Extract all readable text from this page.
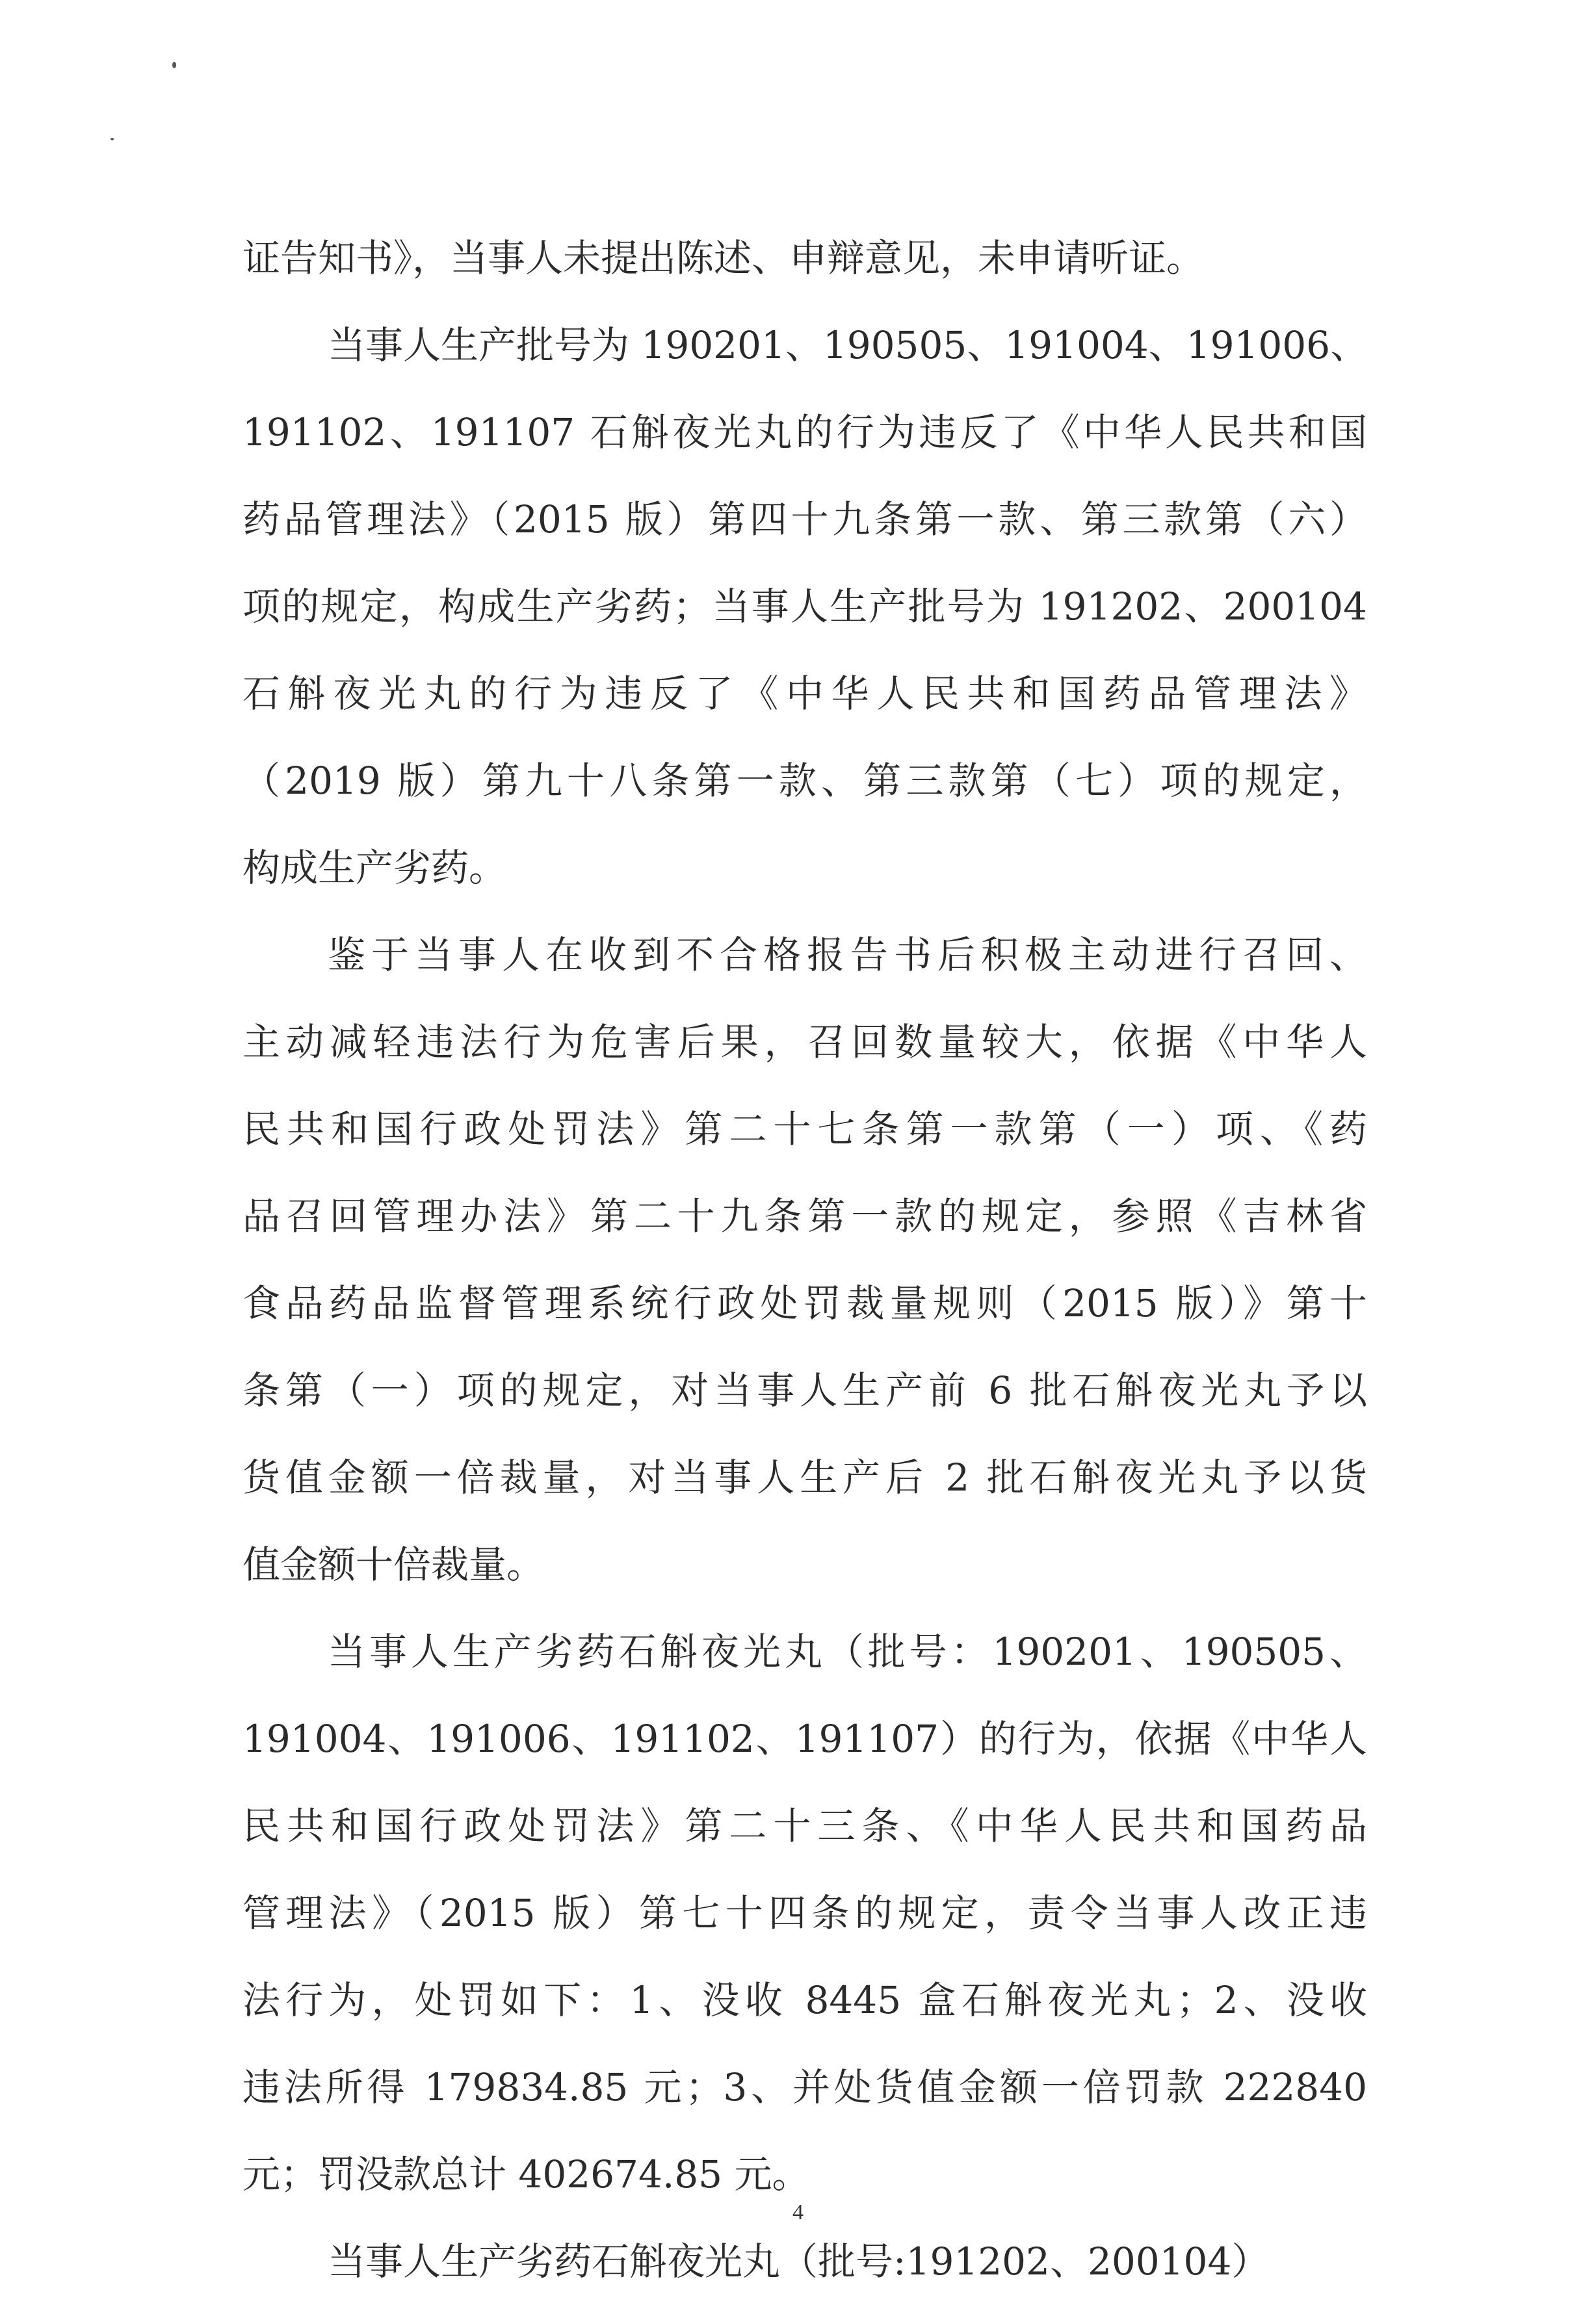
证告知书》，当事人未提出陈述、申辩意见，未申请听证。
当事人生产批号为 190201、190505、191004、191006、
191102、191107 石斛夜光丸的行为违反了《中华人民共和国
药品管理法》（2015 版）第四十九条第一款、第三款第（六）
项的规定，构成生产劣药；当事人生产批号为 191202、200104
石斛夜光丸的行为违反了《中华人民共和国药品管理法》
（2019 版）第九十八条第一款、第三款第（七）项的规定，
构成生产劣药。
鉴于当事人在收到不合格报告书后积极主动进行召回、
主动减轻违法行为危害后果，召回数量较大，依据《中华人
民共和国行政处罚法》第二十七条第一款第（一）项、《药
品召回管理办法》第二十九条第一款的规定，参照《吉林省
食品药品监督管理系统行政处罚裁量规则（2015 版）》第十
条第（一）项的规定，对当事人生产前 6 批石斛夜光丸予以
货值金额一倍裁量，对当事人生产后 2 批石斛夜光丸予以货
值金额十倍裁量。
当事人生产劣药石斛夜光丸（批号：190201、190505、
191004、191006、191102、191107）的行为，依据《中华人
民共和国行政处罚法》第二十三条、《中华人民共和国药品
管理法》（2015 版）第七十四条的规定，责令当事人改正违
法行为，处罚如下：1、没收 8445 盒石斛夜光丸；2、没收
违法所得 179834.85 元；3、并处货值金额一倍罚款 222840
元；罚没款总计 402674.85 元。
当事人生产劣药石斛夜光丸（批号:191202、200104）
4
